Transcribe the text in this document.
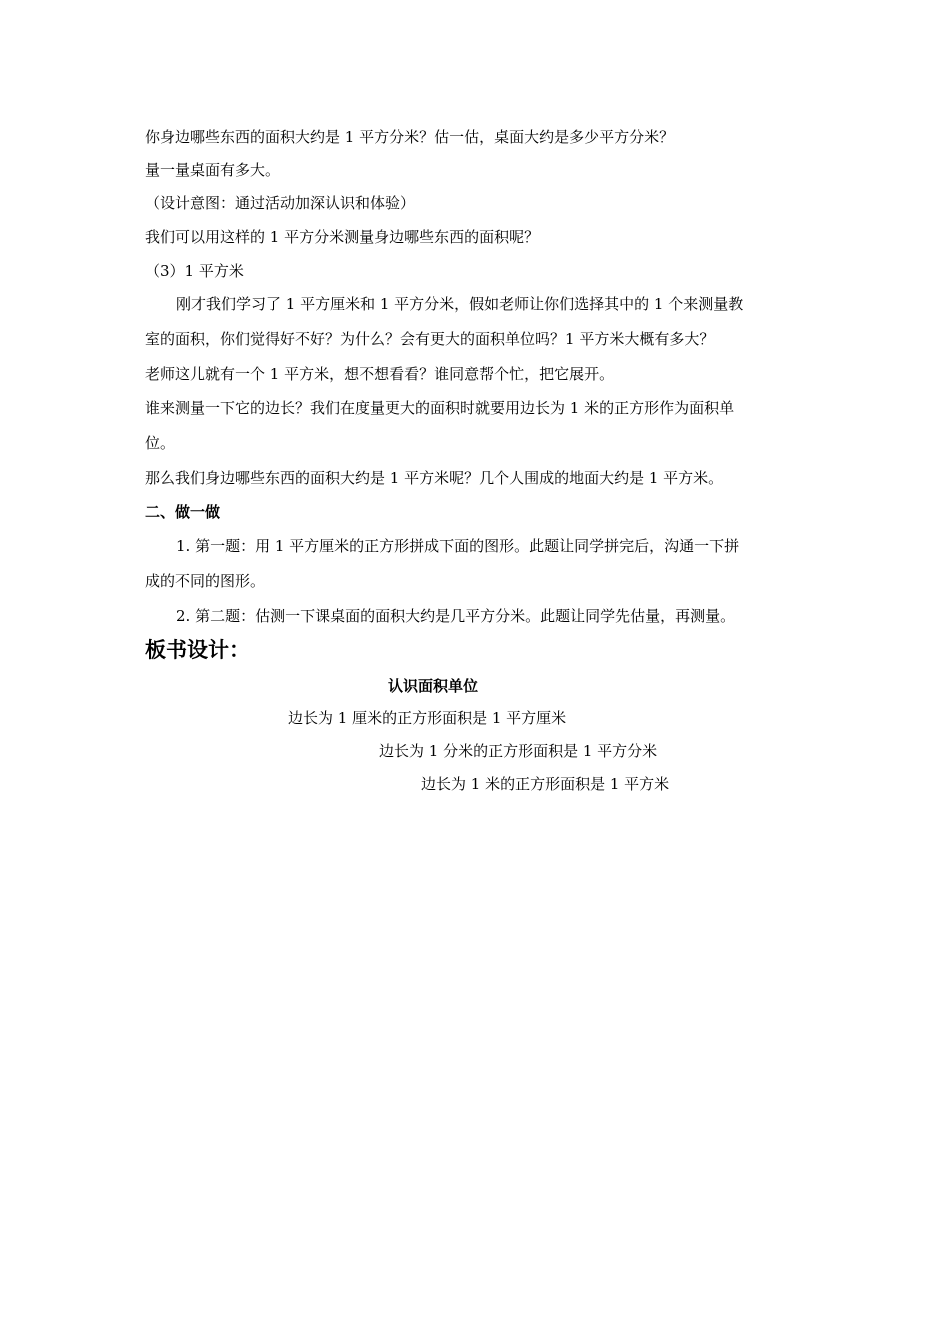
你身边哪些东西的面积大约是 1 平方分米？估一估，桌面大约是多少平方分米？
量一量桌面有多大。
（设计意图：通过活动加深认识和体验）
我们可以用这样的 1 平方分米测量身边哪些东西的面积呢？
（3）1 平方米
刚才我们学习了 1 平方厘米和 1 平方分米，假如老师让你们选择其中的 1 个来测量教
室的面积，你们觉得好不好？为什么？会有更大的面积单位吗？1 平方米大概有多大？
老师这儿就有一个 1 平方米，想不想看看？谁同意帮个忙，把它展开。
谁来测量一下它的边长？我们在度量更大的面积时就要用边长为 1 米的正方形作为面积单
位。
那么我们身边哪些东西的面积大约是 1 平方米呢？几个人围成的地面大约是 1 平方米。
二、做一做
1. 第一题：用 1 平方厘米的正方形拼成下面的图形。此题让同学拼完后，沟通一下拼
成的不同的图形。
2. 第二题：估测一下课桌面的面积大约是几平方分米。此题让同学先估量，再测量。
板书设计：
认识面积单位
边长为 1 厘米的正方形面积是 1 平方厘米
边长为 1 分米的正方形面积是 1 平方分米
边长为 1 米的正方形面积是 1 平方米
